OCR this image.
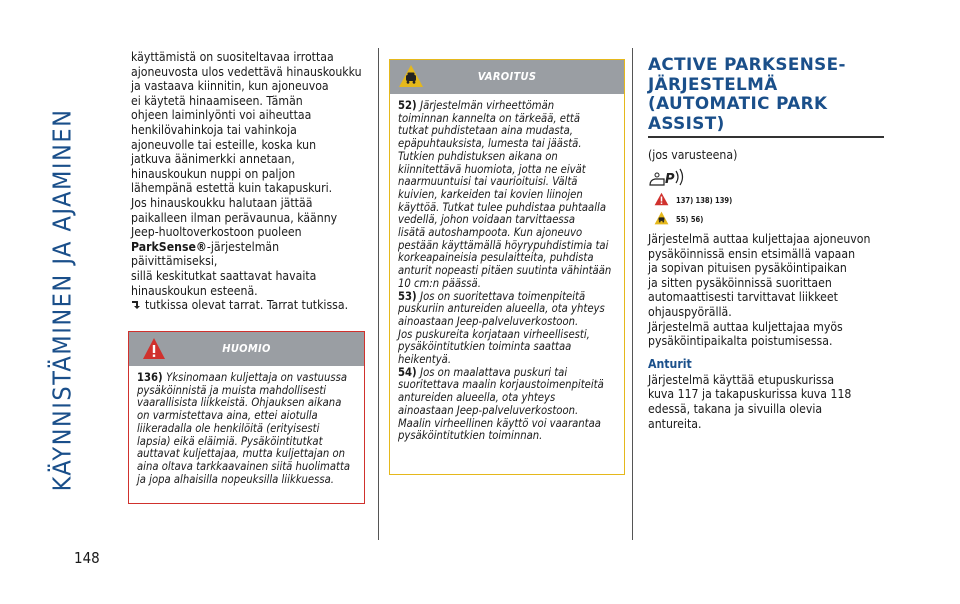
KÄYNNISTÄMINEN JA AJAMINEN
148
käyttämistä on suositeltavaa irrottaa
ajoneuvosta ulos vedettävä hinauskoukku
ja vastaava kiinnitin, kun ajoneuvoa
ei käytetä hinaamiseen. Tämän
ohjeen laiminlyönti voi aiheuttaa
henkilövahinkoja tai vahinkoja
ajoneuvolle tai esteille, koska kun
jatkuva äänimerkki annetaan,
hinauskoukun nuppi on paljon
lähempänä estettä kuin takapuskuri.
Jos hinauskoukku halutaan jättää
paikalleen ilman perävaunua, käänny
Jeep-huoltoverkostoon puoleen
ParkSense®-järjestelmän päivittämiseksi,
sillä keskitutkat saattavat havaita
hinauskoukun esteenä.
tutkissa olevat tarrat. Tarrat tutkissa.
HUOMIO
136) Yksinomaan kuljettaja on vastuussa
pysäköinnistä ja muista mahdollisesti
vaarallisista liikkeistä. Ohjauksen aikana
on varmistettava aina, ettei aiotulla
liikeradalla ole henkilöitä (erityisesti
lapsia) eikä eläimiä. Pysäköintitutkat
auttavat kuljettajaa, mutta kuljettajan on
aina oltava tarkkaavainen siitä huolimatta
ja jopa alhaisilla nopeuksilla liikkuessa.
VAROITUS
52) Järjestelmän virheettömän
toiminnan kannelta on tärkeää, että
tutkat puhdistetaan aina mudasta,
epäpuhtauksista, lumesta tai jäästä.
Tutkien puhdistuksen aikana on
kiinnitettävä huomiota, jotta ne eivät
naarmuuntuisi tai vaurioituisi. Vältä
kuivien, karkeiden tai kovien liinojen
käyttöä. Tutkat tulee puhdistaa puhtaalla
vedellä, johon voidaan tarvittaessa
lisätä autoshampoota. Kun ajoneuvo
pestään käyttämällä höyrypuhdistimia tai
korkeapaineisia pesulaitteita, puhdista
anturit nopeasti pitäen suutinta vähintään
10 cm:n päässä.
53) Jos on suoritettava toimenpiteitä
puskuriin antureiden alueella, ota yhteys
ainoastaan Jeep-palveluverkostoon.
Jos puskureita korjataan virheellisesti,
pysäköintitutkien toiminta saattaa
heikentyä.
54) Jos on maalattava puskuri tai
suoritettava maalin korjaustoimenpiteitä
antureiden alueella, ota yhteys
ainoastaan Jeep-palveluverkostoon.
Maalin virheellinen käyttö voi vaarantaa
pysäköintitutkien toiminnan.
ACTIVE PARKSENSE-
JÄRJESTELMÄ
(AUTOMATIC PARK
ASSIST)
(jos varusteena)
P
137) 138) 139)
55) 56)
Järjestelmä auttaa kuljettajaa ajoneuvon
pysäköinnissä ensin etsimällä vapaan
ja sopivan pituisen pysäköintipaikan
ja sitten pysäköinnissä suorittaen
automaattisesti tarvittavat liikkeet
ohjauspyörällä.
Järjestelmä auttaa kuljettajaa myös
pysäköintipaikalta poistumisessa.
Anturit
Järjestelmä käyttää etupuskurissa
kuva 117 ja takapuskurissa kuva 118
edessä, takana ja sivuilla olevia
antureita.
